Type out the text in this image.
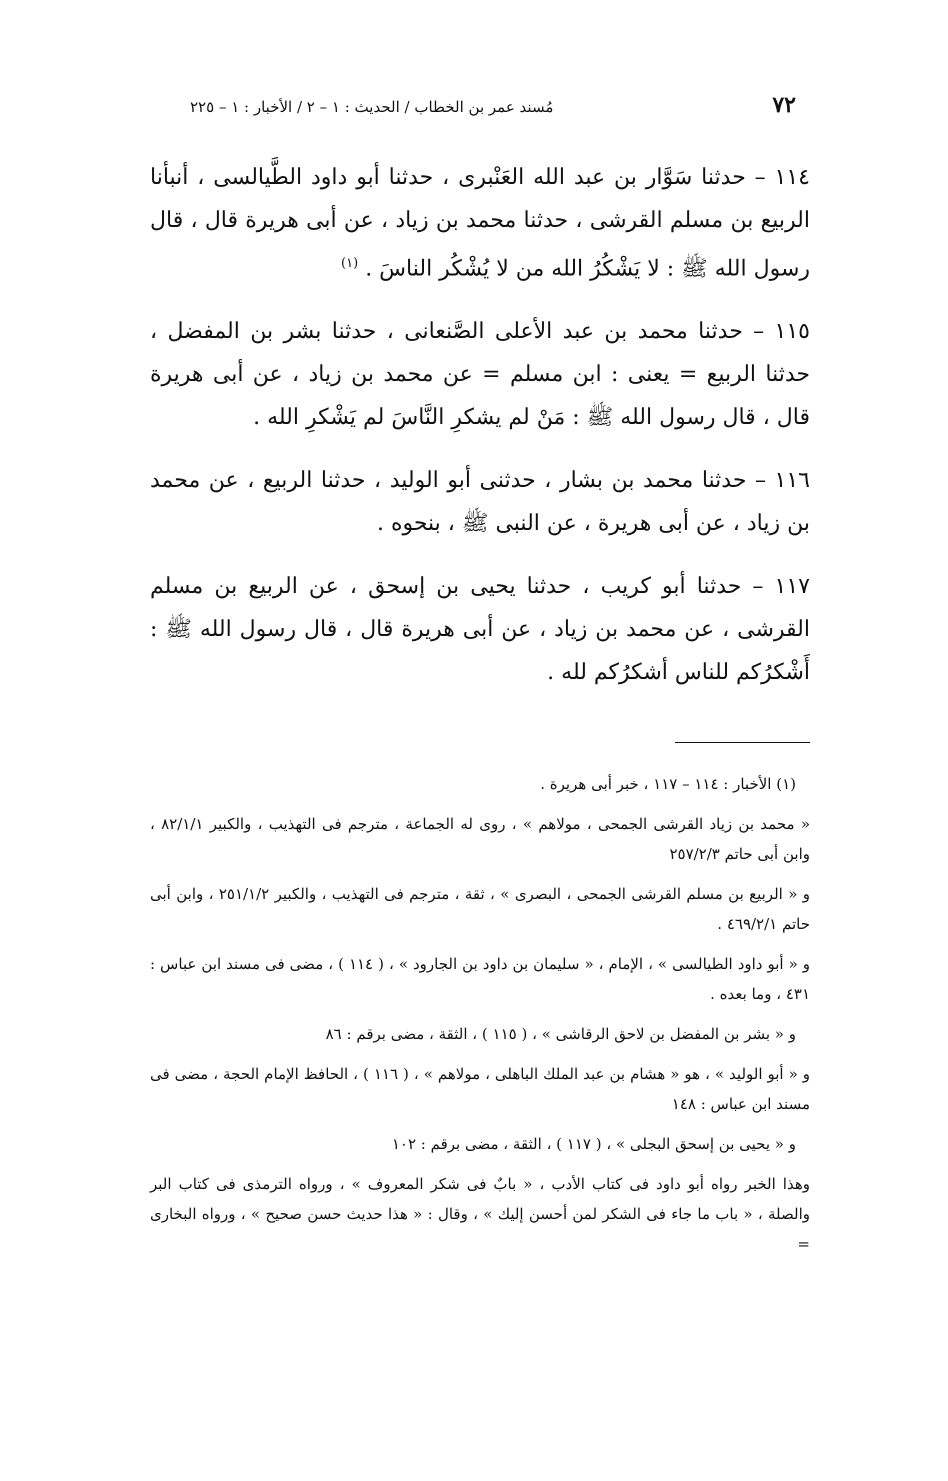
٧٢
مُسند عمر بن الخطاب / الحديث : ١ – ٢ / الأخبار : ١ – ٢٢٥

١١٤ – حدثنا سَوَّار بن عبد الله العَنْبرى ، حدثنا أبو داود الطَّيالسى ، أنبأنا الربيع بن مسلم القرشى ، حدثنا محمد بن زياد ، عن أبى هريرة قال ، قال رسول الله ﷺ : لا يَشْكُرُ الله من لا يُشْكُر الناسَ . $^{(١)}$

١١٥ – حدثنا محمد بن عبد الأعلى الصَّنعانى ، حدثنا بشر بن المفضل ، حدثنا الربيع = يعنى : ابن مسلم = عن محمد بن زياد ، عن أبى هريرة قال ، قال رسول الله ﷺ : مَنْ لم يشكرِ النَّاسَ لم يَشْكرِ الله .

١١٦ – حدثنا محمد بن بشار ، حدثنى أبو الوليد ، حدثنا الربيع ، عن محمد بن زياد ، عن أبى هريرة ، عن النبى ﷺ ، بنحوه .

١١٧ – حدثنا أبو كريب ، حدثنا يحيى بن إسحق ، عن الربيع بن مسلم القرشى ، عن محمد بن زياد ، عن أبى هريرة قال ، قال رسول الله ﷺ : أَشْكرُكم للناس أشكرُكم لله .

(١) الأخبار : ١١٤ – ١١٧ ، خبر أبى هريرة .

« محمد بن زياد القرشى الجمحى ، مولاهم » ، روى له الجماعة ، مترجم فى التهذيب ، والكبير ٨٢/١/١ ، وابن أبى حاتم ٢٥٧/٢/٣

و « الربيع بن مسلم القرشى الجمحى ، البصرى » ، ثقة ، مترجم فى التهذيب ، والكبير ٢٥١/١/٢ ، وابن أبى حاتم ٤٦٩/٢/١ .

و « أبو داود الطيالسى » ، الإمام ، « سليمان بن داود بن الجارود » ، ( ١١٤ ) ، مضى فى مسند ابن عباس : ٤٣١ ، وما بعده .

و « بشر بن المفضل بن لاحق الرقاشى » ، ( ١١٥ ) ، الثقة ، مضى برقم : ٨٦

و « أبو الوليد » ، هو « هشام بن عبد الملك الباهلى ، مولاهم » ، ( ١١٦ ) ، الحافظ الإمام الحجة ، مضى فى مسند ابن عباس : ١٤٨

و « يحيى بن إسحق البجلى » ، ( ١١٧ ) ، الثقة ، مضى برقم : ١٠٢

وهذا الخبر رواه أبو داود فى كتاب الأدب ، « بابٌ فى شكر المعروف » ، ورواه الترمذى فى كتاب البر والصلة ، « باب ما جاء فى الشكر لمن أحسن إليك » ، وقال : « هذا حديث حسن صحيح » ، ورواه البخارى =
